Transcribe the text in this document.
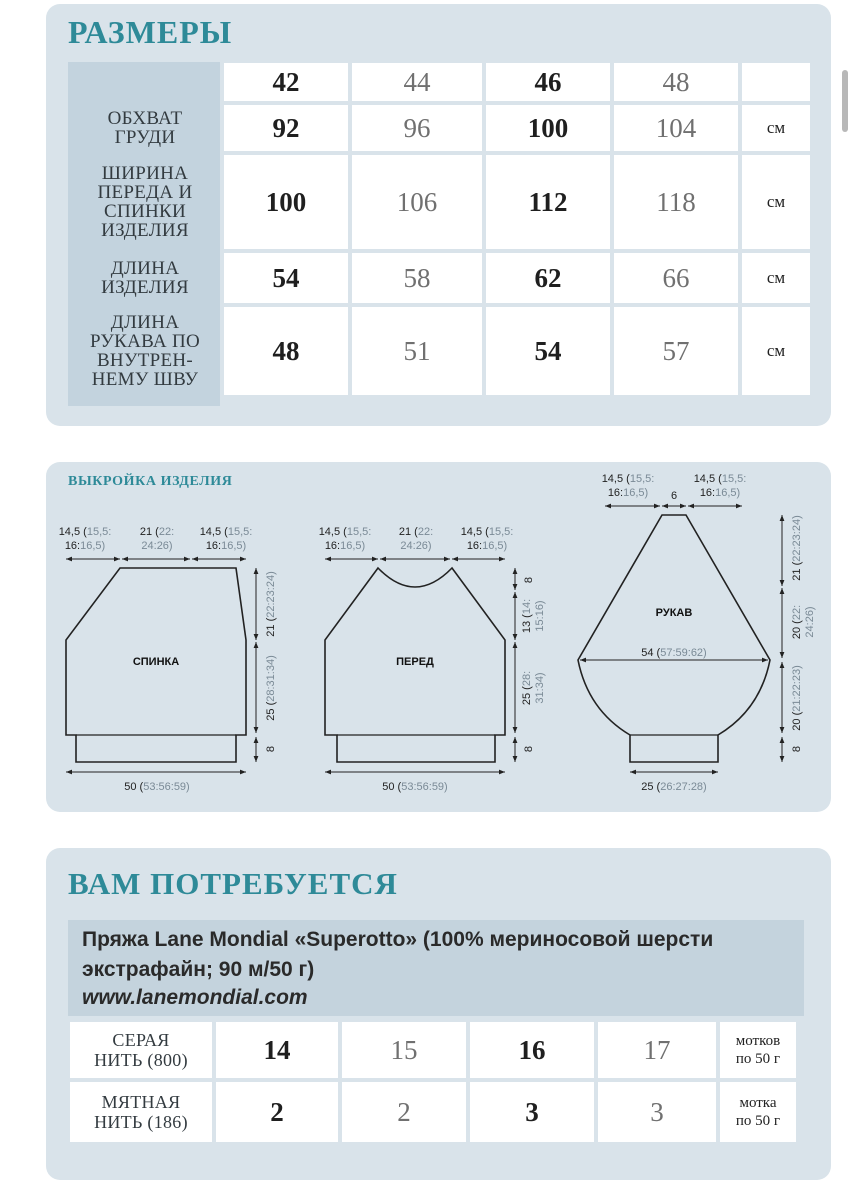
РАЗМЕРЫ
	42	44	46	48	
ОБХВАТ
ГРУДИ	92	96	100	104	см
ШИРИНА
ПЕРЕДА И
СПИНКИ
ИЗДЕЛИЯ	100	106	112	118	см
ДЛИНА
ИЗДЕЛИЯ	54	58	62	66	см
ДЛИНА
РУКАВА ПО
ВНУТРЕН-
НЕМУ ШВУ	48	51	54	57	см
ВЫКРОЙКА ИЗДЕЛИЯ
СПИНКА
14,5 (15,5:
16:16,5)
21 (22:
24:26)
14,5 (15,5:
16:16,5)
21 (22:23:24)
25 (28:31:34)
8
50 (53:56:59)
ПЕРЕД
14,5 (15,5:
16:16,5)
21 (22:
24:26)
14,5 (15,5:
16:16,5)
8
13 (14: 15:16)
25 (28: 31:34)
8
50 (53:56:59)
РУКАВ
54 (57:59:62)
14,5 (15,5:
16:16,5) 6
14,5 (15,5:
16:16,5)
21 (22:23:24)
20 (22: 24:26)
20 (21:22:23)
8
25 (26:27:28)
ВАМ ПОТРЕБУЕТСЯ
Пряжа Lane Mondial «Superotto» (100% мериносовой шерсти
экстрафайн; 90 м/50 г)
www.lanemondial.com
СЕРАЯ
НИТЬ (800)	14	15	16	17	мотков
по 50 г
МЯТНАЯ
НИТЬ (186)	2	2	3	3	мотка
по 50 г
